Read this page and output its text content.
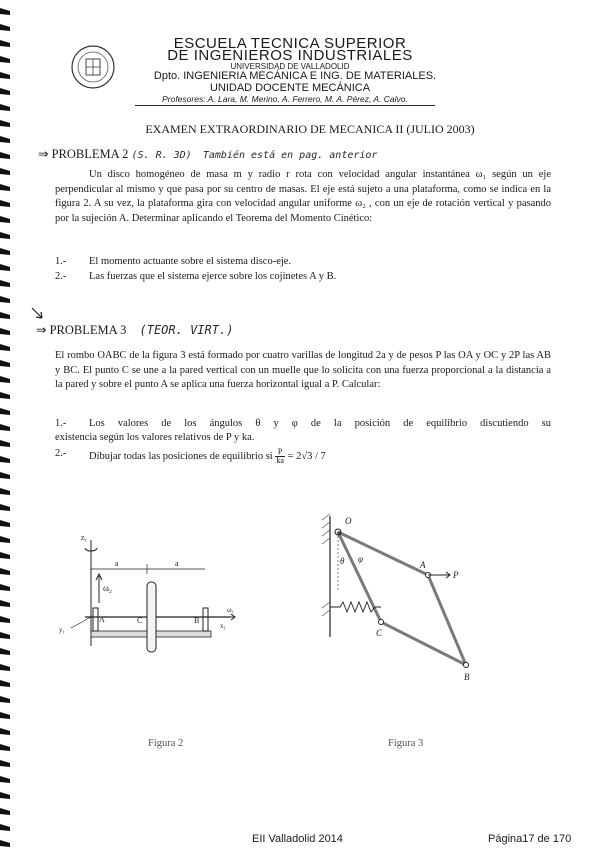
ESCUELA TECNICA SUPERIOR
DE INGENIEROS INDUSTRIALES
UNIVERSIDAD DE VALLADOLID
Dpto. INGENIERIA MECÁNICA E ING. DE MATERIALES.
UNIDAD DOCENTE MECÁNICA
Profesores: A. Lara, M. Merino, A. Ferrero, M. A. Pérez, A. Calvo.
EXAMEN EXTRAORDINARIO DE MECANICA II (JULIO 2003)
⇒ PROBLEMA 2 (S. R. 3D) También está en pag. anterior
Un disco homogéneo de masa m y radio r rota con velocidad angular instantánea ω₁ según un eje perpendicular al mismo y que pasa por su centro de masas. El eje está sujeto a una plataforma, como se indica en la figura 2. A su vez, la plataforma gira con velocidad angular uniforme ω₂ , con un eje de rotación vertical y pasando por la sujeción A. Determinar aplicando el Teorema del Momento Cinético:
1.- El momento actuante sobre el sistema disco-eje.
2.- Las fuerzas que el sistema ejerce sobre los cojinetes A y B.
⇒ PROBLEMA 3 (TEOR. VIRT.)
El rombo OABC de la figura 3 está formado por cuatro varillas de longitud 2a y de pesos P las OA y OC y 2P las AB y BC. El punto C se une a la pared vertical con un muelle que lo solicita con una fuerza proporcional a la distancia a la pared y sobre el punto A se aplica una fuerza horizontal igual a P. Calcular:
1.- Los valores de los ángulos θ y φ de la posición de equilibrio discutiendo su
existencia según los valores relativos de P y ka.
2.- Dibujar todas las posiciones de equilibrio si $\frac{P}{ka} = 2√3 / 7$
z₁
a	a
ω₂
A	C	B
ω₁
x₁
y₁
Figura 2
O
A
P
C
B
θ φ
Figura 3
EII Valladolid 2014	Página17 de 170
